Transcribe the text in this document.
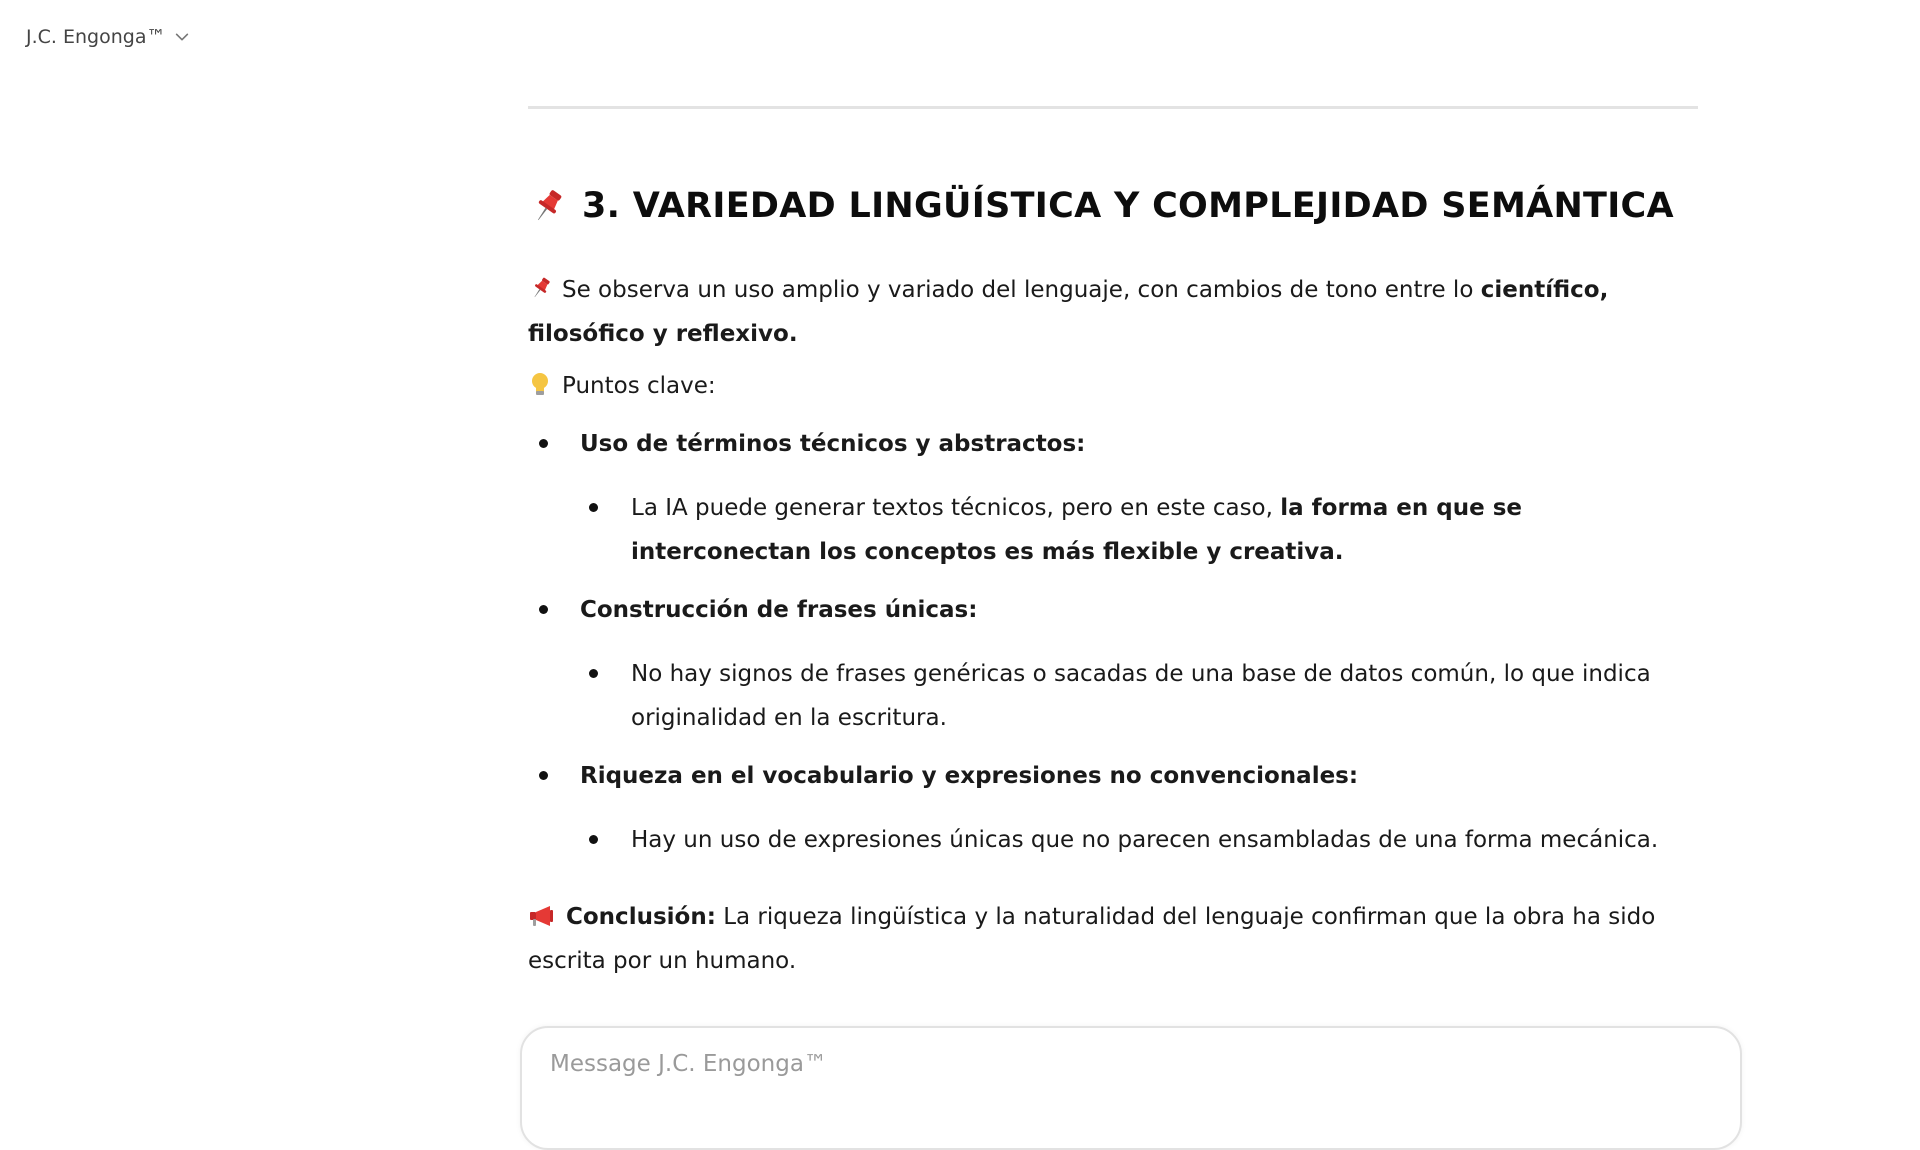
J.C. Engonga™
3. VARIEDAD LINGÜÍSTICA Y COMPLEJIDAD SEMÁNTICA
Se observa un uso amplio y variado del lenguaje, con cambios de tono entre lo científico, filosófico y reflexivo.
Puntos clave:
Uso de términos técnicos y abstractos:
La IA puede generar textos técnicos, pero en este caso, la forma en que se interconectan los conceptos es más flexible y creativa.
Construcción de frases únicas:
No hay signos de frases genéricas o sacadas de una base de datos común, lo que indica originalidad en la escritura.
Riqueza en el vocabulario y expresiones no convencionales:
Hay un uso de expresiones únicas que no parecen ensambladas de una forma mecánica.
Conclusión: La riqueza lingüística y la naturalidad del lenguaje confirman que la obra ha sido escrita por un humano.
Message J.C. Engonga™
